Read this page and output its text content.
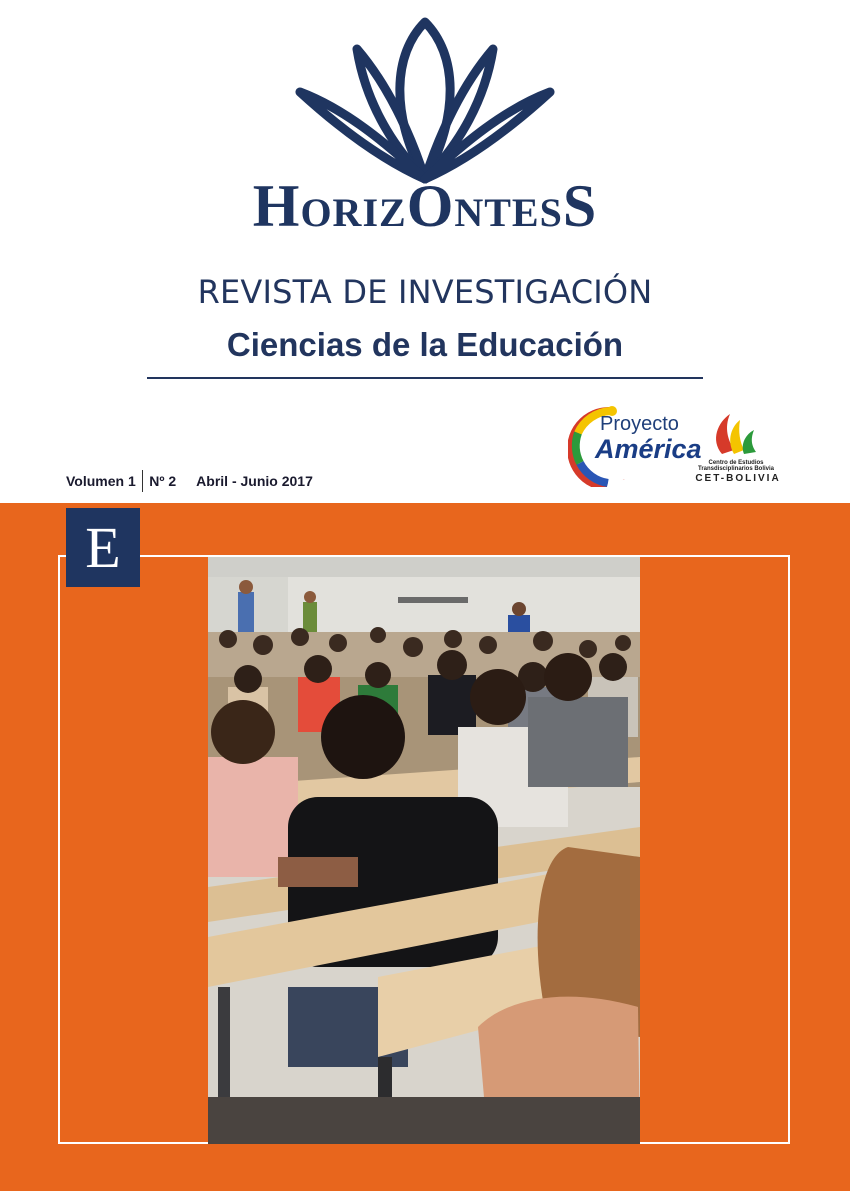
HORIZONTESS
REVISTA DE INVESTIGACIÓN
Ciencias de la Educación
Proyecto
América	Centro de Estudios
Transdisciplinarios Bolivia
CET-BOLIVIA
Volumen 1 Nº 2 Abril - Junio 2017
E
